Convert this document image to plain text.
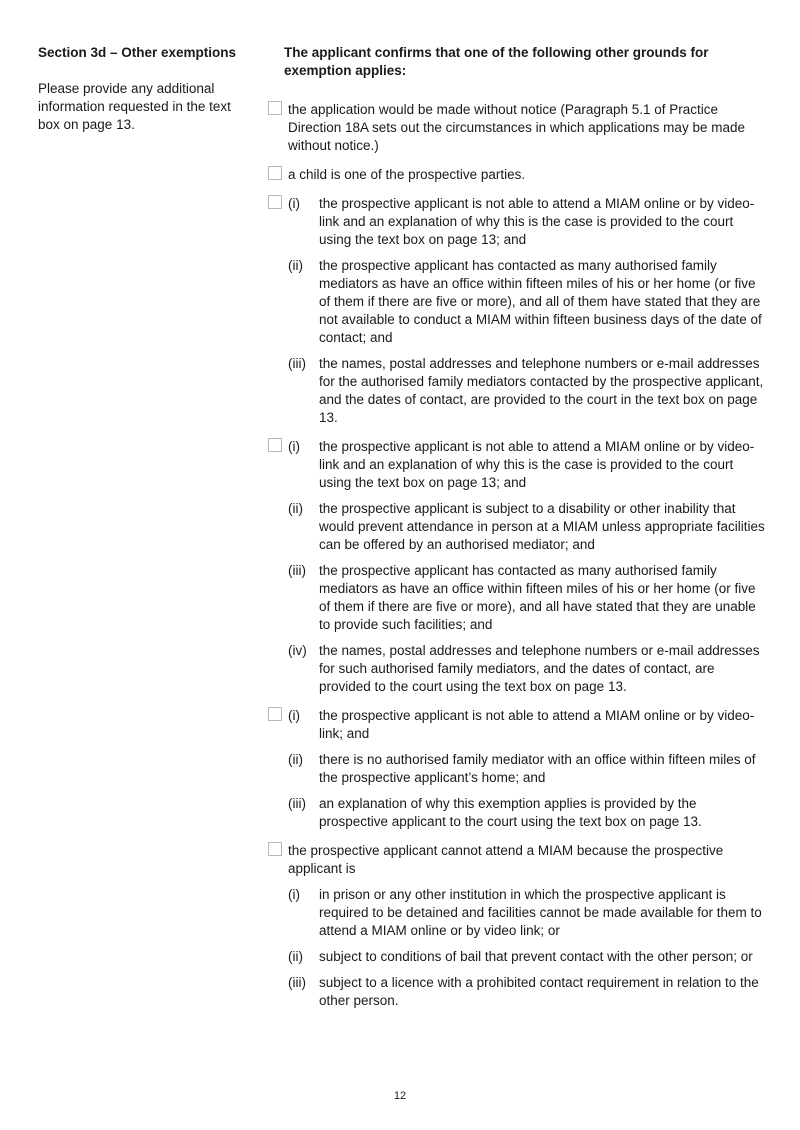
Section 3d – Other exemptions
Please provide any additional information requested in the text box on page 13.
The applicant confirms that one of the following other grounds for exemption applies:
the application would be made without notice (Paragraph 5.1 of Practice Direction 18A sets out the circumstances in which applications may be made without notice.)
a child is one of the prospective parties.
(i)	the prospective applicant is not able to attend a MIAM online or by video-link and an explanation of why this is the case is provided to the court using the text box on page 13; and
(ii)	the prospective applicant has contacted as many authorised family mediators as have an office within fifteen miles of his or her home (or five of them if there are five or more), and all of them have stated that they are not available to conduct a MIAM within fifteen business days of the date of contact; and
(iii) the names, postal addresses and telephone numbers or e-mail addresses for the authorised family mediators contacted by the prospective applicant, and the dates of contact, are provided to the court in the text box on page 13.
(i)	the prospective applicant is not able to attend a MIAM online or by video-link and an explanation of why this is the case is provided to the court using the text box on page 13; and
(ii)	the prospective applicant is subject to a disability or other inability that would prevent attendance in person at a MIAM unless appropriate facilities can be offered by an authorised mediator; and
(iii) the prospective applicant has contacted as many authorised family mediators as have an office within fifteen miles of his or her home (or five of them if there are five or more), and all have stated that they are unable to provide such facilities; and
(iv) the names, postal addresses and telephone numbers or e-mail addresses for such authorised family mediators, and the dates of contact, are provided to the court using the text box on page 13.
(i)	the prospective applicant is not able to attend a MIAM online or by video-link; and
(ii)	there is no authorised family mediator with an office within fifteen miles of the prospective applicant’s home; and
(iii) an explanation of why this exemption applies is provided by the prospective applicant to the court using the text box on page 13.
the prospective applicant cannot attend a MIAM because the prospective applicant is
(i)	in prison or any other institution in which the prospective applicant is required to be detained and facilities cannot be made available for them to attend a MIAM online or by video link; or
(ii)	subject to conditions of bail that prevent contact with the other person; or
(iii) subject to a licence with a prohibited contact requirement in relation to the other person.
12
